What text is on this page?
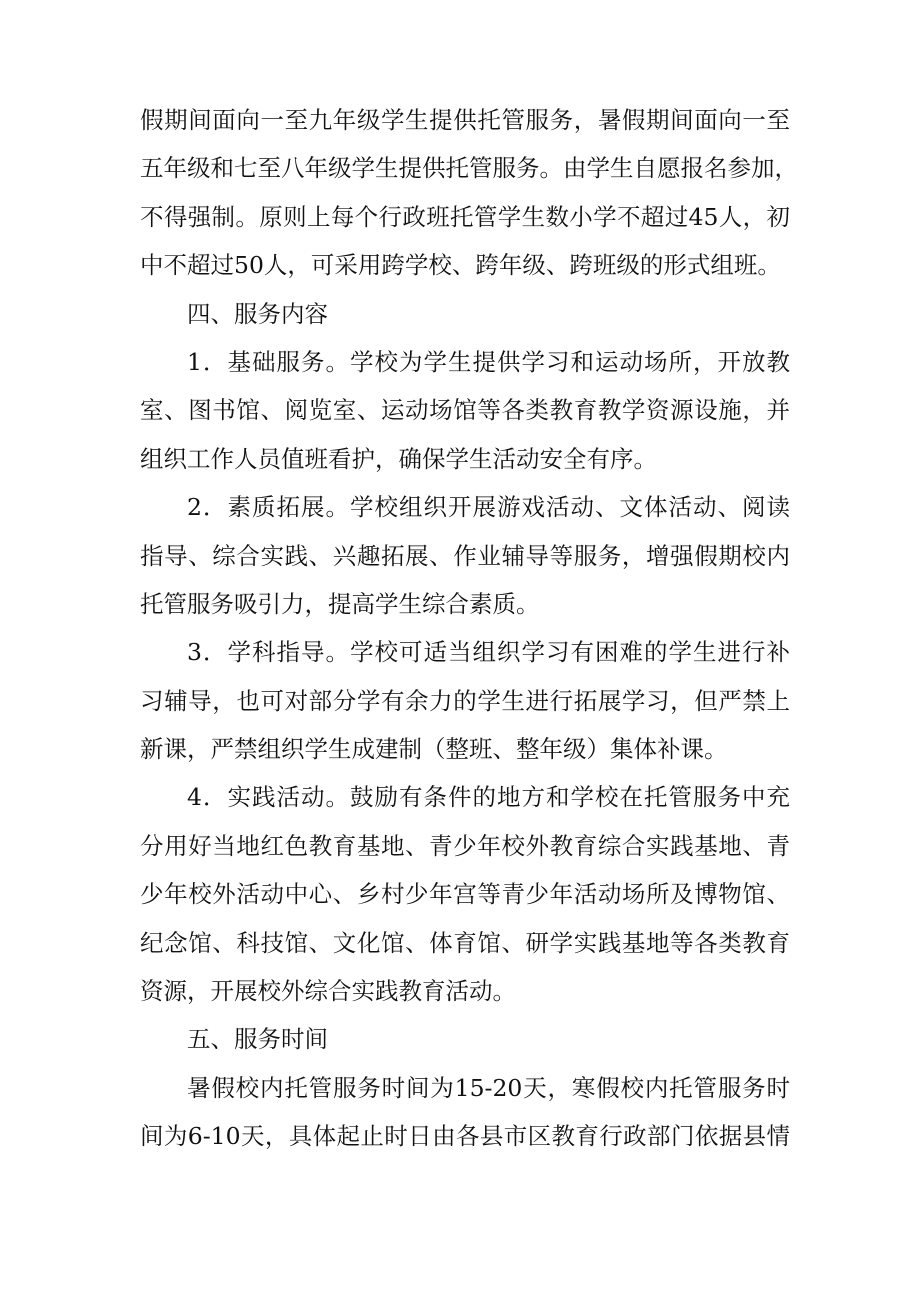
假期间面向一至九年级学生提供托管服务，暑假期间面向一至
五年级和七至八年级学生提供托管服务。由学生自愿报名参加，
不得强制。原则上每个行政班托管学生数小学不超过45人，初
中不超过50人，可采用跨学校、跨年级、跨班级的形式组班。
四、服务内容
1．基础服务。学校为学生提供学习和运动场所，开放教
室、图书馆、阅览室、运动场馆等各类教育教学资源设施，并
组织工作人员值班看护，确保学生活动安全有序。
2．素质拓展。学校组织开展游戏活动、文体活动、阅读
指导、综合实践、兴趣拓展、作业辅导等服务，增强假期校内
托管服务吸引力，提高学生综合素质。
3．学科指导。学校可适当组织学习有困难的学生进行补
习辅导，也可对部分学有余力的学生进行拓展学习，但严禁上
新课，严禁组织学生成建制（整班、整年级）集体补课。
4．实践活动。鼓励有条件的地方和学校在托管服务中充
分用好当地红色教育基地、青少年校外教育综合实践基地、青
少年校外活动中心、乡村少年宫等青少年活动场所及博物馆、
纪念馆、科技馆、文化馆、体育馆、研学实践基地等各类教育
资源，开展校外综合实践教育活动。
五、服务时间
暑假校内托管服务时间为15-20天，寒假校内托管服务时
间为6-10天，具体起止时日由各县市区教育行政部门依据县情
